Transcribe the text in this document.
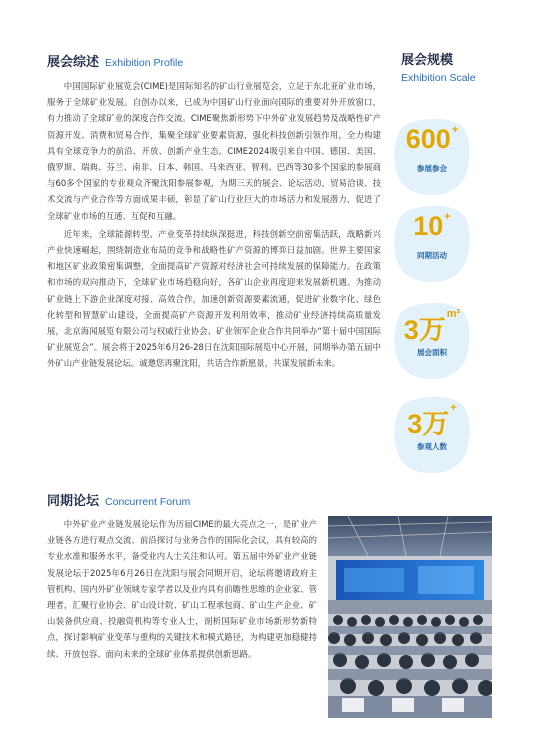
展会综述 Exhibition Profile

中国国际矿业展览会(CIME)是国际知名的矿山行业展览会，立足于东北亚矿业市场，服务于全球矿业发展。自创办以来，已成为中国矿山行业面向国际的重要对外开放窗口，有力推动了全球矿业的深度合作交流。CIME聚焦新形势下中外矿业发展趋势及战略性矿产资源开发、消费和贸易合作，集聚全球矿业要素资源，强化科技创新引领作用，全力构建具有全球竞争力的前沿、开放、创新产业生态。CIME2024吸引来自中国、德国、美国、俄罗斯、瑞典、芬兰、南非、日本、韩国、马来西亚、智利、巴西等30多个国家的参展商与60多个国家的专业观众齐聚沈阳参展参观，为期三天的展会、论坛活动，贸易洽谈、技术交流与产业合作等方面成果丰硕，彰显了矿山行业巨大的市场活力和发展潜力，促进了全球矿业市场的互通、互促和互融。

近年来，全球能源转型、产业变革持续纵深挺进，科技创新空前密集活跃，战略新兴产业快速崛起，围绕制造业布局的竞争和战略性矿产资源的博弈日益加剧。世界主要国家和地区矿业政策密集调整，全面提高矿产资源对经济社会可持续发展的保障能力。在政策和市场的双向推动下，全球矿业市场趋稳向好，各矿山企业再度迎来发展新机遇。为推动矿业链上下游企业深度对接、高效合作，加速创新资源要素流通，促进矿业数字化、绿色化转型和智慧矿山建设，全面提高矿产资源开发利用效率，推动矿业经济持续高质量发展，北京海闻展览有限公司与权威行业协会、矿业领军企业合作共同举办“第十届中国国际矿业展览会”。展会将于2025年6月26-28日在沈阳国际展览中心开展，同期举办第五届中外矿山产业链发展论坛。诚邀您再聚沈阳，共话合作新愿景，共谋发展新未来。

展会规模
Exhibition Scale
600+
参展参会
10+
同期活动
3万$^{m^2}$
展会面积
3万+
参观人数
同期论坛 Concurrent Forum

中外矿业产业链发展论坛作为历届CIME的最大亮点之一，是矿业产业链各方进行观点交流、前沿探讨与业务合作的国际化会议，具有较高的专业水准和服务水平，备受业内人士关注和认可。第五届中外矿业产业链发展论坛于2025年6月26日在沈阳与展会同期开启，论坛将邀请政府主管机构、国内外矿业领域专家学者以及业内具有前瞻性思维的企业家、管理者，汇聚行业协会、矿山设计院、矿山工程承包商、矿山生产企业、矿山装备供应商、投融资机构等专业人士，剖析国际矿业市场新形势新特点，探讨影响矿业变革与重构的关键技术和模式路径，为构建更加稳健持续、开放包容、面向未来的全球矿业体系提供创新思路。
